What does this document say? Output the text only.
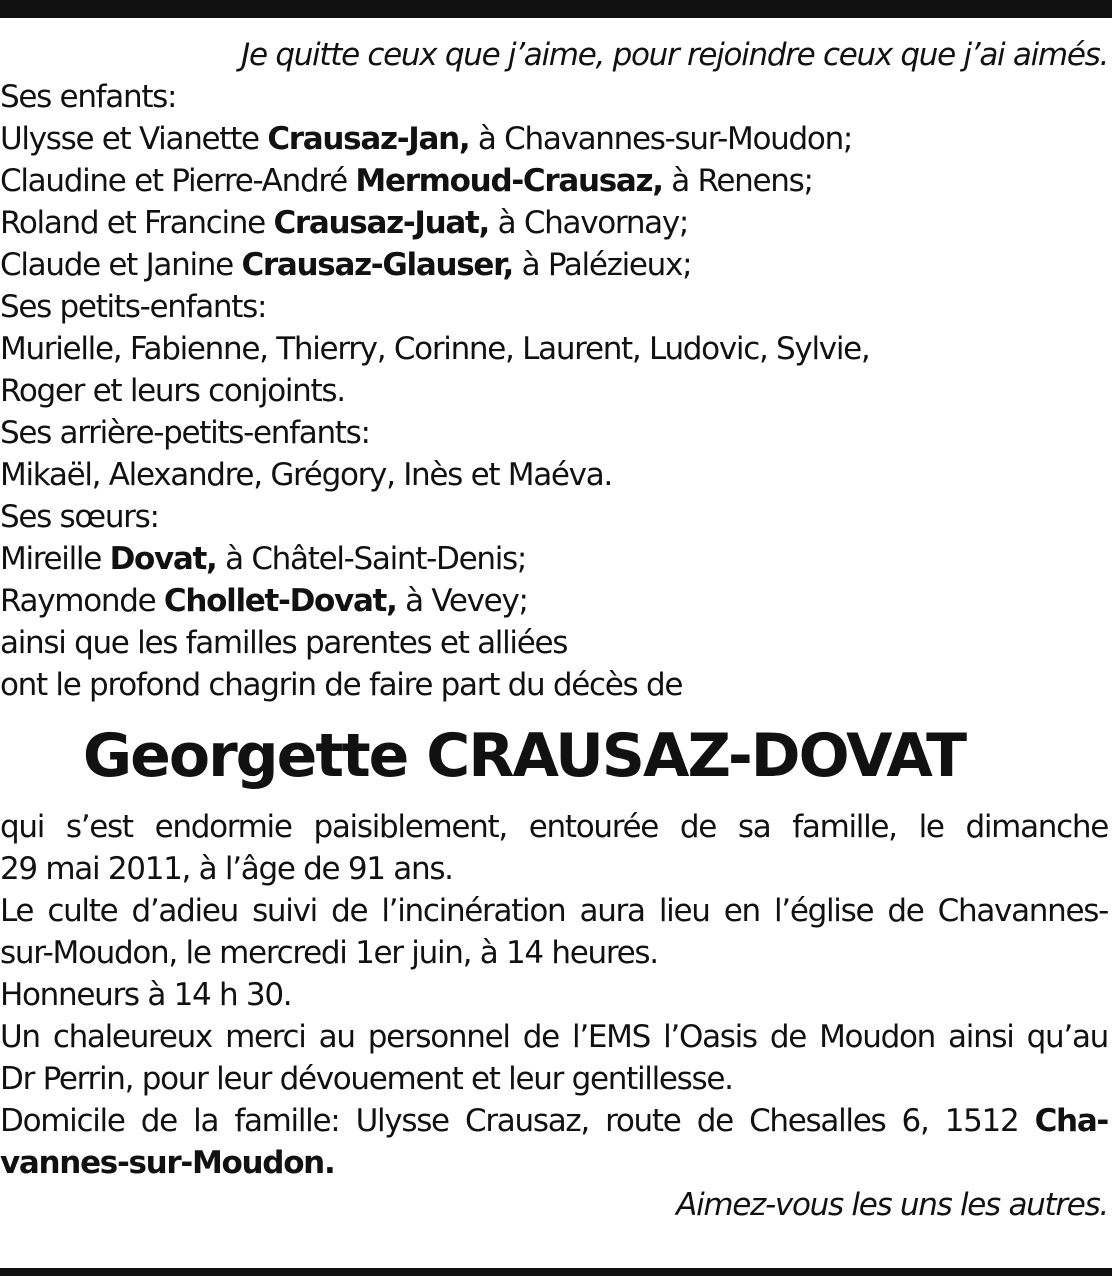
Je quitte ceux que j’aime, pour rejoindre ceux que j’ai aimés.
Ses enfants:
Ulysse et Vianette Crausaz-Jan, à Chavannes-sur-Moudon;
Claudine et Pierre-André Mermoud-Crausaz, à Renens;
Roland et Francine Crausaz-Juat, à Chavornay;
Claude et Janine Crausaz-Glauser, à Palézieux;
Ses petits-enfants:
Murielle, Fabienne, Thierry, Corinne, Laurent, Ludovic, Sylvie,
Roger et leurs conjoints.
Ses arrière-petits-enfants:
Mikaël, Alexandre, Grégory, Inès et Maéva.
Ses sœurs:
Mireille Dovat, à Châtel-Saint-Denis;
Raymonde Chollet-Dovat, à Vevey;
ainsi que les familles parentes et alliées
ont le profond chagrin de faire part du décès de
Georgette CRAUSAZ-DOVAT
qui s’est endormie paisiblement, entourée de sa famille, le dimanche
29 mai 2011, à l’âge de 91 ans.
Le culte d’adieu suivi de l’incinération aura lieu en l’église de Chavannes-
sur-Moudon, le mercredi 1er juin, à 14 heures.
Honneurs à 14 h 30.
Un chaleureux merci au personnel de l’EMS l’Oasis de Moudon ainsi qu’au
Dr Perrin, pour leur dévouement et leur gentillesse.
Domicile de la famille: Ulysse Crausaz, route de Chesalles 6, 1512 Cha-
vannes-sur-Moudon.
Aimez-vous les uns les autres.
